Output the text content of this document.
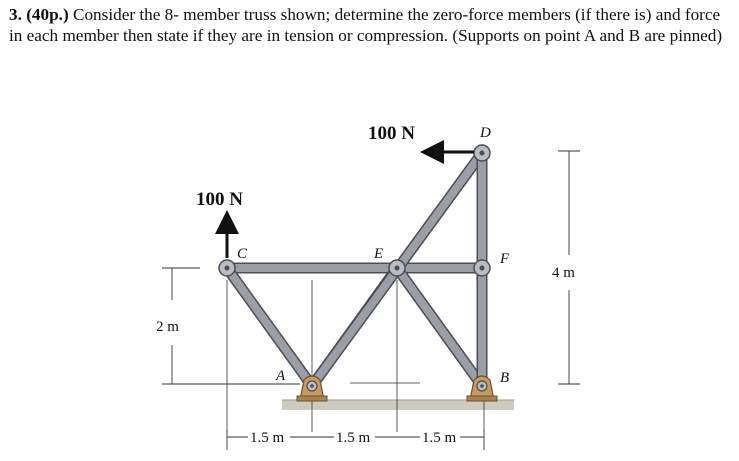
3. (40p.) Consider the 8- member truss shown; determine the zero-force members (if there is) and force in each member then state if they are in tension or compression. (Supports on point A and B are pinned)

100 N
100 N
C	E	F
D
A	B
2 m
4 m
1.5 m	1.5 m	1.5 m
